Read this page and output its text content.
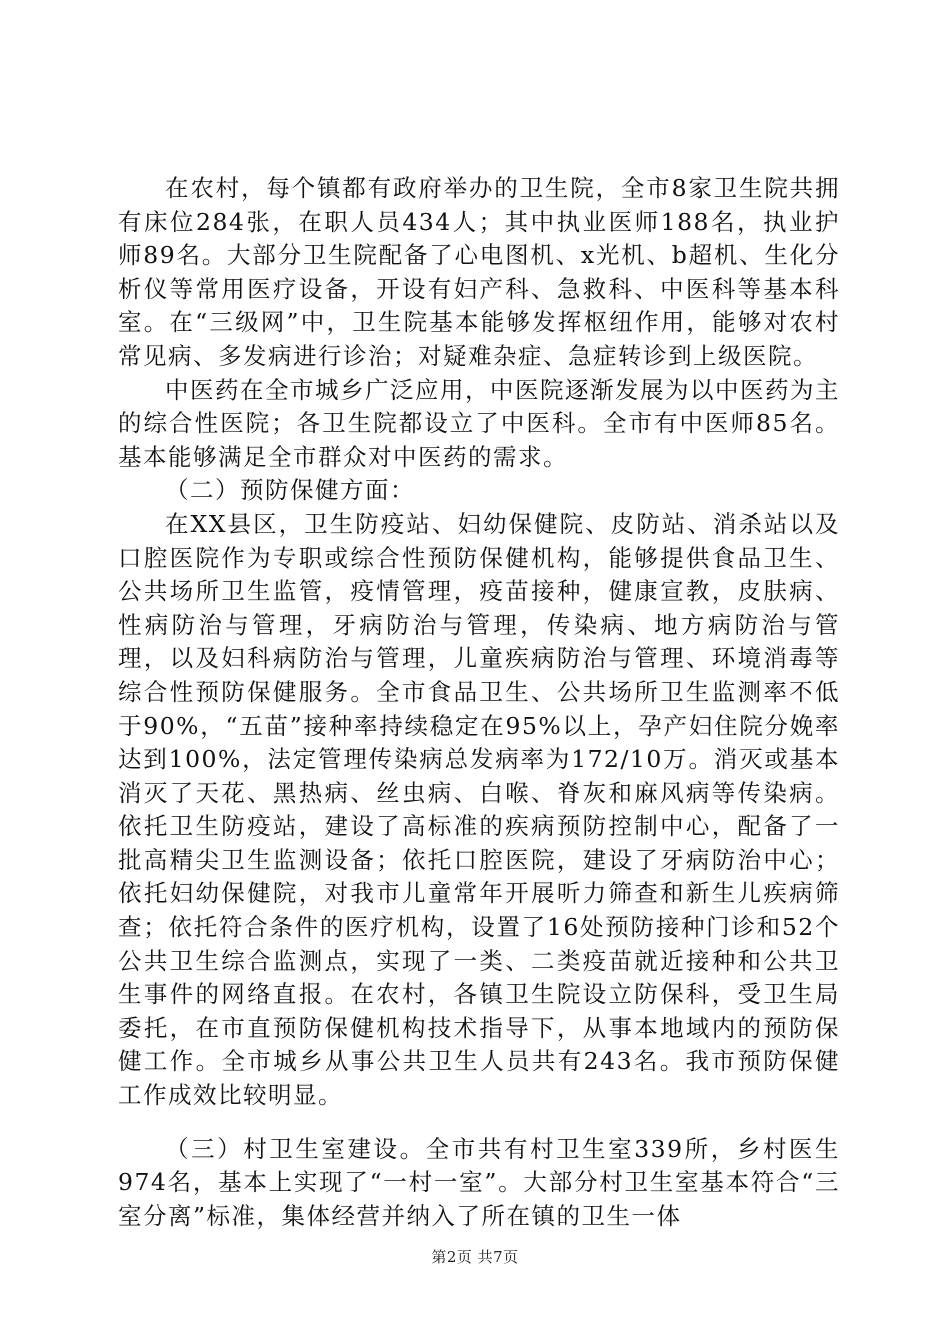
在农村，每个镇都有政府举办的卫生院，全市8家卫生院共拥有床位284张，在职人员434人；其中执业医师188名，执业护师89名。大部分卫生院配备了心电图机、x光机、b超机、生化分析仪等常用医疗设备，开设有妇产科、急救科、中医科等基本科室。在“三级网”中，卫生院基本能够发挥枢纽作用，能够对农村常见病、多发病进行诊治；对疑难杂症、急症转诊到上级医院。

中医药在全市城乡广泛应用，中医院逐渐发展为以中医药为主的综合性医院；各卫生院都设立了中医科。全市有中医师85名。基本能够满足全市群众对中医药的需求。

（二）预防保健方面：

在XX县区，卫生防疫站、妇幼保健院、皮防站、消杀站以及口腔医院作为专职或综合性预防保健机构，能够提供食品卫生、公共场所卫生监管，疫情管理，疫苗接种，健康宣教，皮肤病、性病防治与管理，牙病防治与管理，传染病、地方病防治与管理，以及妇科病防治与管理，儿童疾病防治与管理、环境消毒等综合性预防保健服务。全市食品卫生、公共场所卫生监测率不低于90%，“五苗”接种率持续稳定在95%以上，孕产妇住院分娩率达到100%，法定管理传染病总发病率为172/10万。消灭或基本消灭了天花、黑热病、丝虫病、白喉、脊灰和麻风病等传染病。依托卫生防疫站，建设了高标准的疾病预防控制中心，配备了一批高精尖卫生监测设备；依托口腔医院，建设了牙病防治中心；依托妇幼保健院，对我市儿童常年开展听力筛查和新生儿疾病筛查；依托符合条件的医疗机构，设置了16处预防接种门诊和52个公共卫生综合监测点，实现了一类、二类疫苗就近接种和公共卫生事件的网络直报。在农村，各镇卫生院设立防保科，受卫生局委托，在市直预防保健机构技术指导下，从事本地域内的预防保健工作。全市城乡从事公共卫生人员共有243名。我市预防保健工作成效比较明显。

（三）村卫生室建设。全市共有村卫生室339所，乡村医生974名，基本上实现了“一村一室”。大部分村卫生室基本符合“三室分离”标准，集体经营并纳入了所在镇的卫生一体

第2页 共7页
